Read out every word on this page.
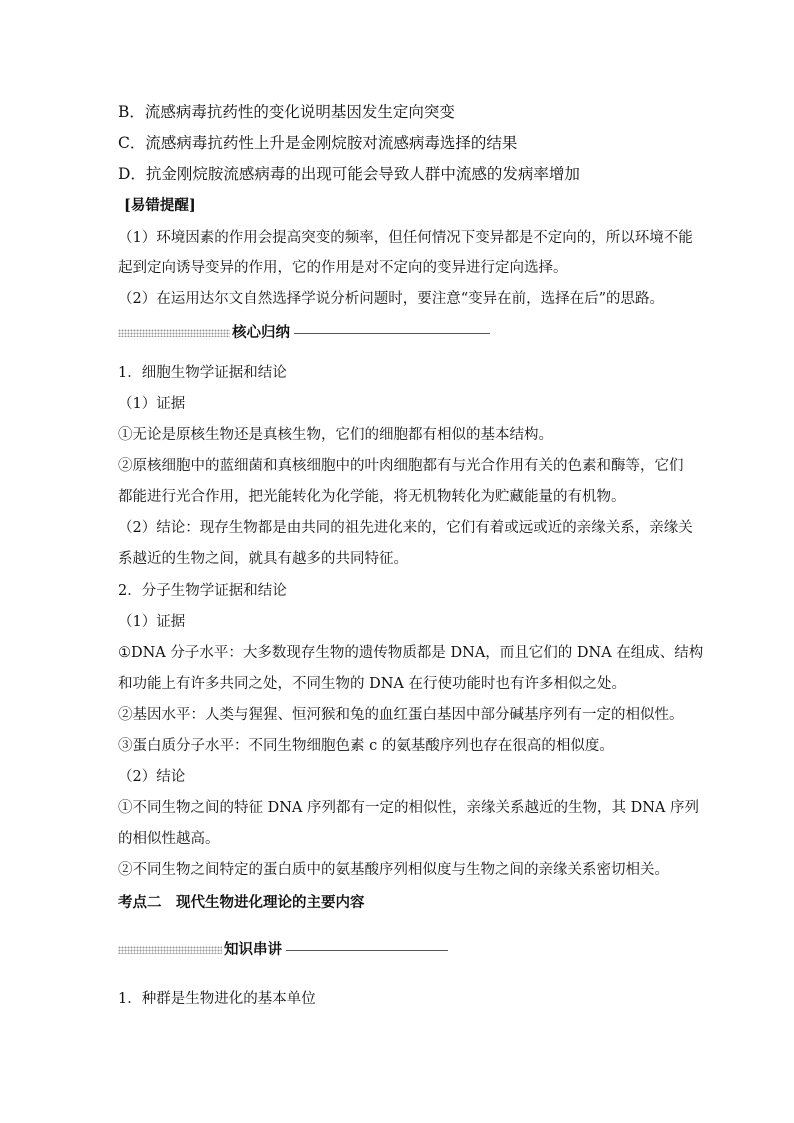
B．流感病毒抗药性的变化说明基因发生定向突变
C．流感病毒抗药性上升是金刚烷胺对流感病毒选择的结果
D．抗金刚烷胺流感病毒的出现可能会导致人群中流感的发病率增加
[易错提醒]
（1）环境因素的作用会提高突变的频率，但任何情况下变异都是不定向的，所以环境不能
起到定向诱导变异的作用，它的作用是对不定向的变异进行定向选择。
（2）在运用达尔文自然选择学说分析问题时，要注意“变异在前，选择在后”的思路。
核心归纳
1．细胞生物学证据和结论
（1）证据
①无论是原核生物还是真核生物，它们的细胞都有相似的基本结构。
②原核细胞中的蓝细菌和真核细胞中的叶肉细胞都有与光合作用有关的色素和酶等，它们
都能进行光合作用，把光能转化为化学能，将无机物转化为贮藏能量的有机物。
（2）结论：现存生物都是由共同的祖先进化来的，它们有着或远或近的亲缘关系，亲缘关
系越近的生物之间，就具有越多的共同特征。
2．分子生物学证据和结论
（1）证据
①DNA 分子水平：大多数现存生物的遗传物质都是 DNA，而且它们的 DNA 在组成、结构
和功能上有许多共同之处，不同生物的 DNA 在行使功能时也有许多相似之处。
②基因水平：人类与猩猩、恒河猴和兔的血红蛋白基因中部分碱基序列有一定的相似性。
③蛋白质分子水平：不同生物细胞色素 c 的氨基酸序列也存在很高的相似度。
（2）结论
①不同生物之间的特征 DNA 序列都有一定的相似性，亲缘关系越近的生物，其 DNA 序列
的相似性越高。
②不同生物之间特定的蛋白质中的氨基酸序列相似度与生物之间的亲缘关系密切相关。
考点二　现代生物进化理论的主要内容
知识串讲
1．种群是生物进化的基本单位
